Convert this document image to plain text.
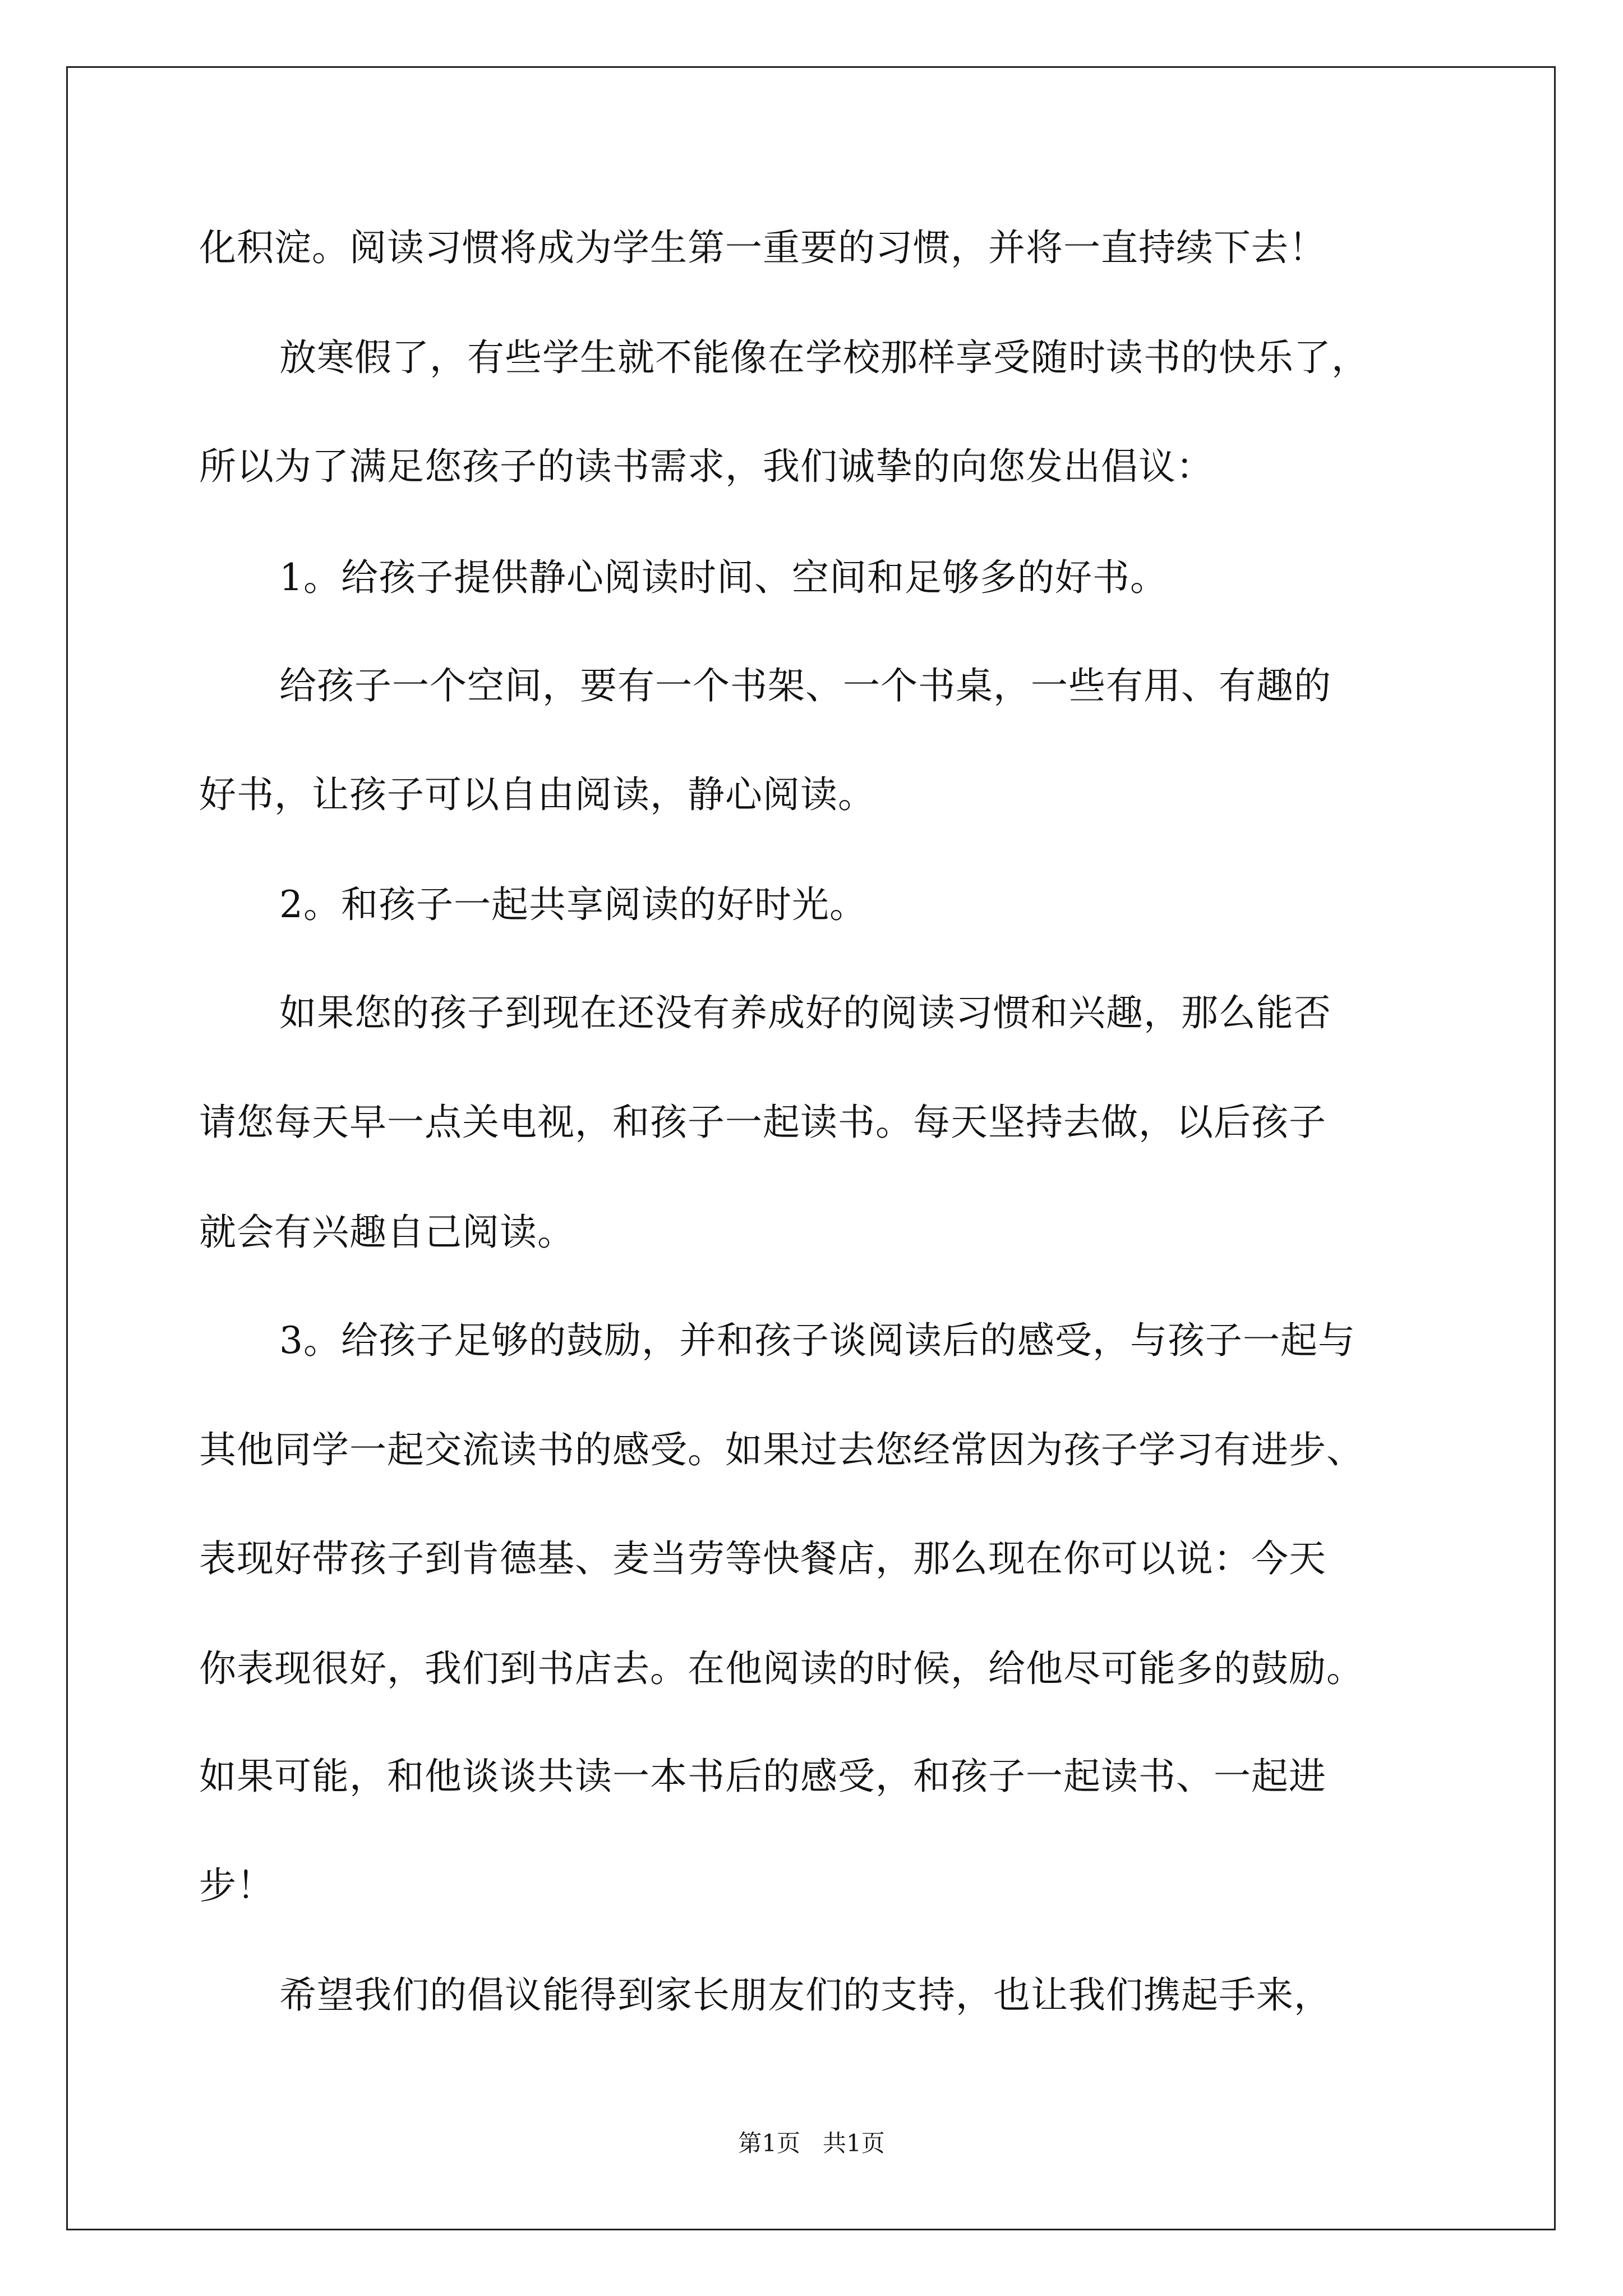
化积淀。阅读习惯将成为学生第一重要的习惯，并将一直持续下去！
放寒假了，有些学生就不能像在学校那样享受随时读书的快乐了，
所以为了满足您孩子的读书需求，我们诚挚的向您发出倡议：
1。给孩子提供静心阅读时间、空间和足够多的好书。
给孩子一个空间，要有一个书架、一个书桌，一些有用、有趣的
好书，让孩子可以自由阅读，静心阅读。
2。和孩子一起共享阅读的好时光。
如果您的孩子到现在还没有养成好的阅读习惯和兴趣，那么能否
请您每天早一点关电视，和孩子一起读书。每天坚持去做，以后孩子
就会有兴趣自己阅读。
3。给孩子足够的鼓励，并和孩子谈阅读后的感受，与孩子一起与
其他同学一起交流读书的感受。如果过去您经常因为孩子学习有进步、
表现好带孩子到肯德基、麦当劳等快餐店，那么现在你可以说：今天
你表现很好，我们到书店去。在他阅读的时候，给他尽可能多的鼓励。
如果可能，和他谈谈共读一本书后的感受，和孩子一起读书、一起进
步！
希望我们的倡议能得到家长朋友们的支持，也让我们携起手来，
第1页   共1页
